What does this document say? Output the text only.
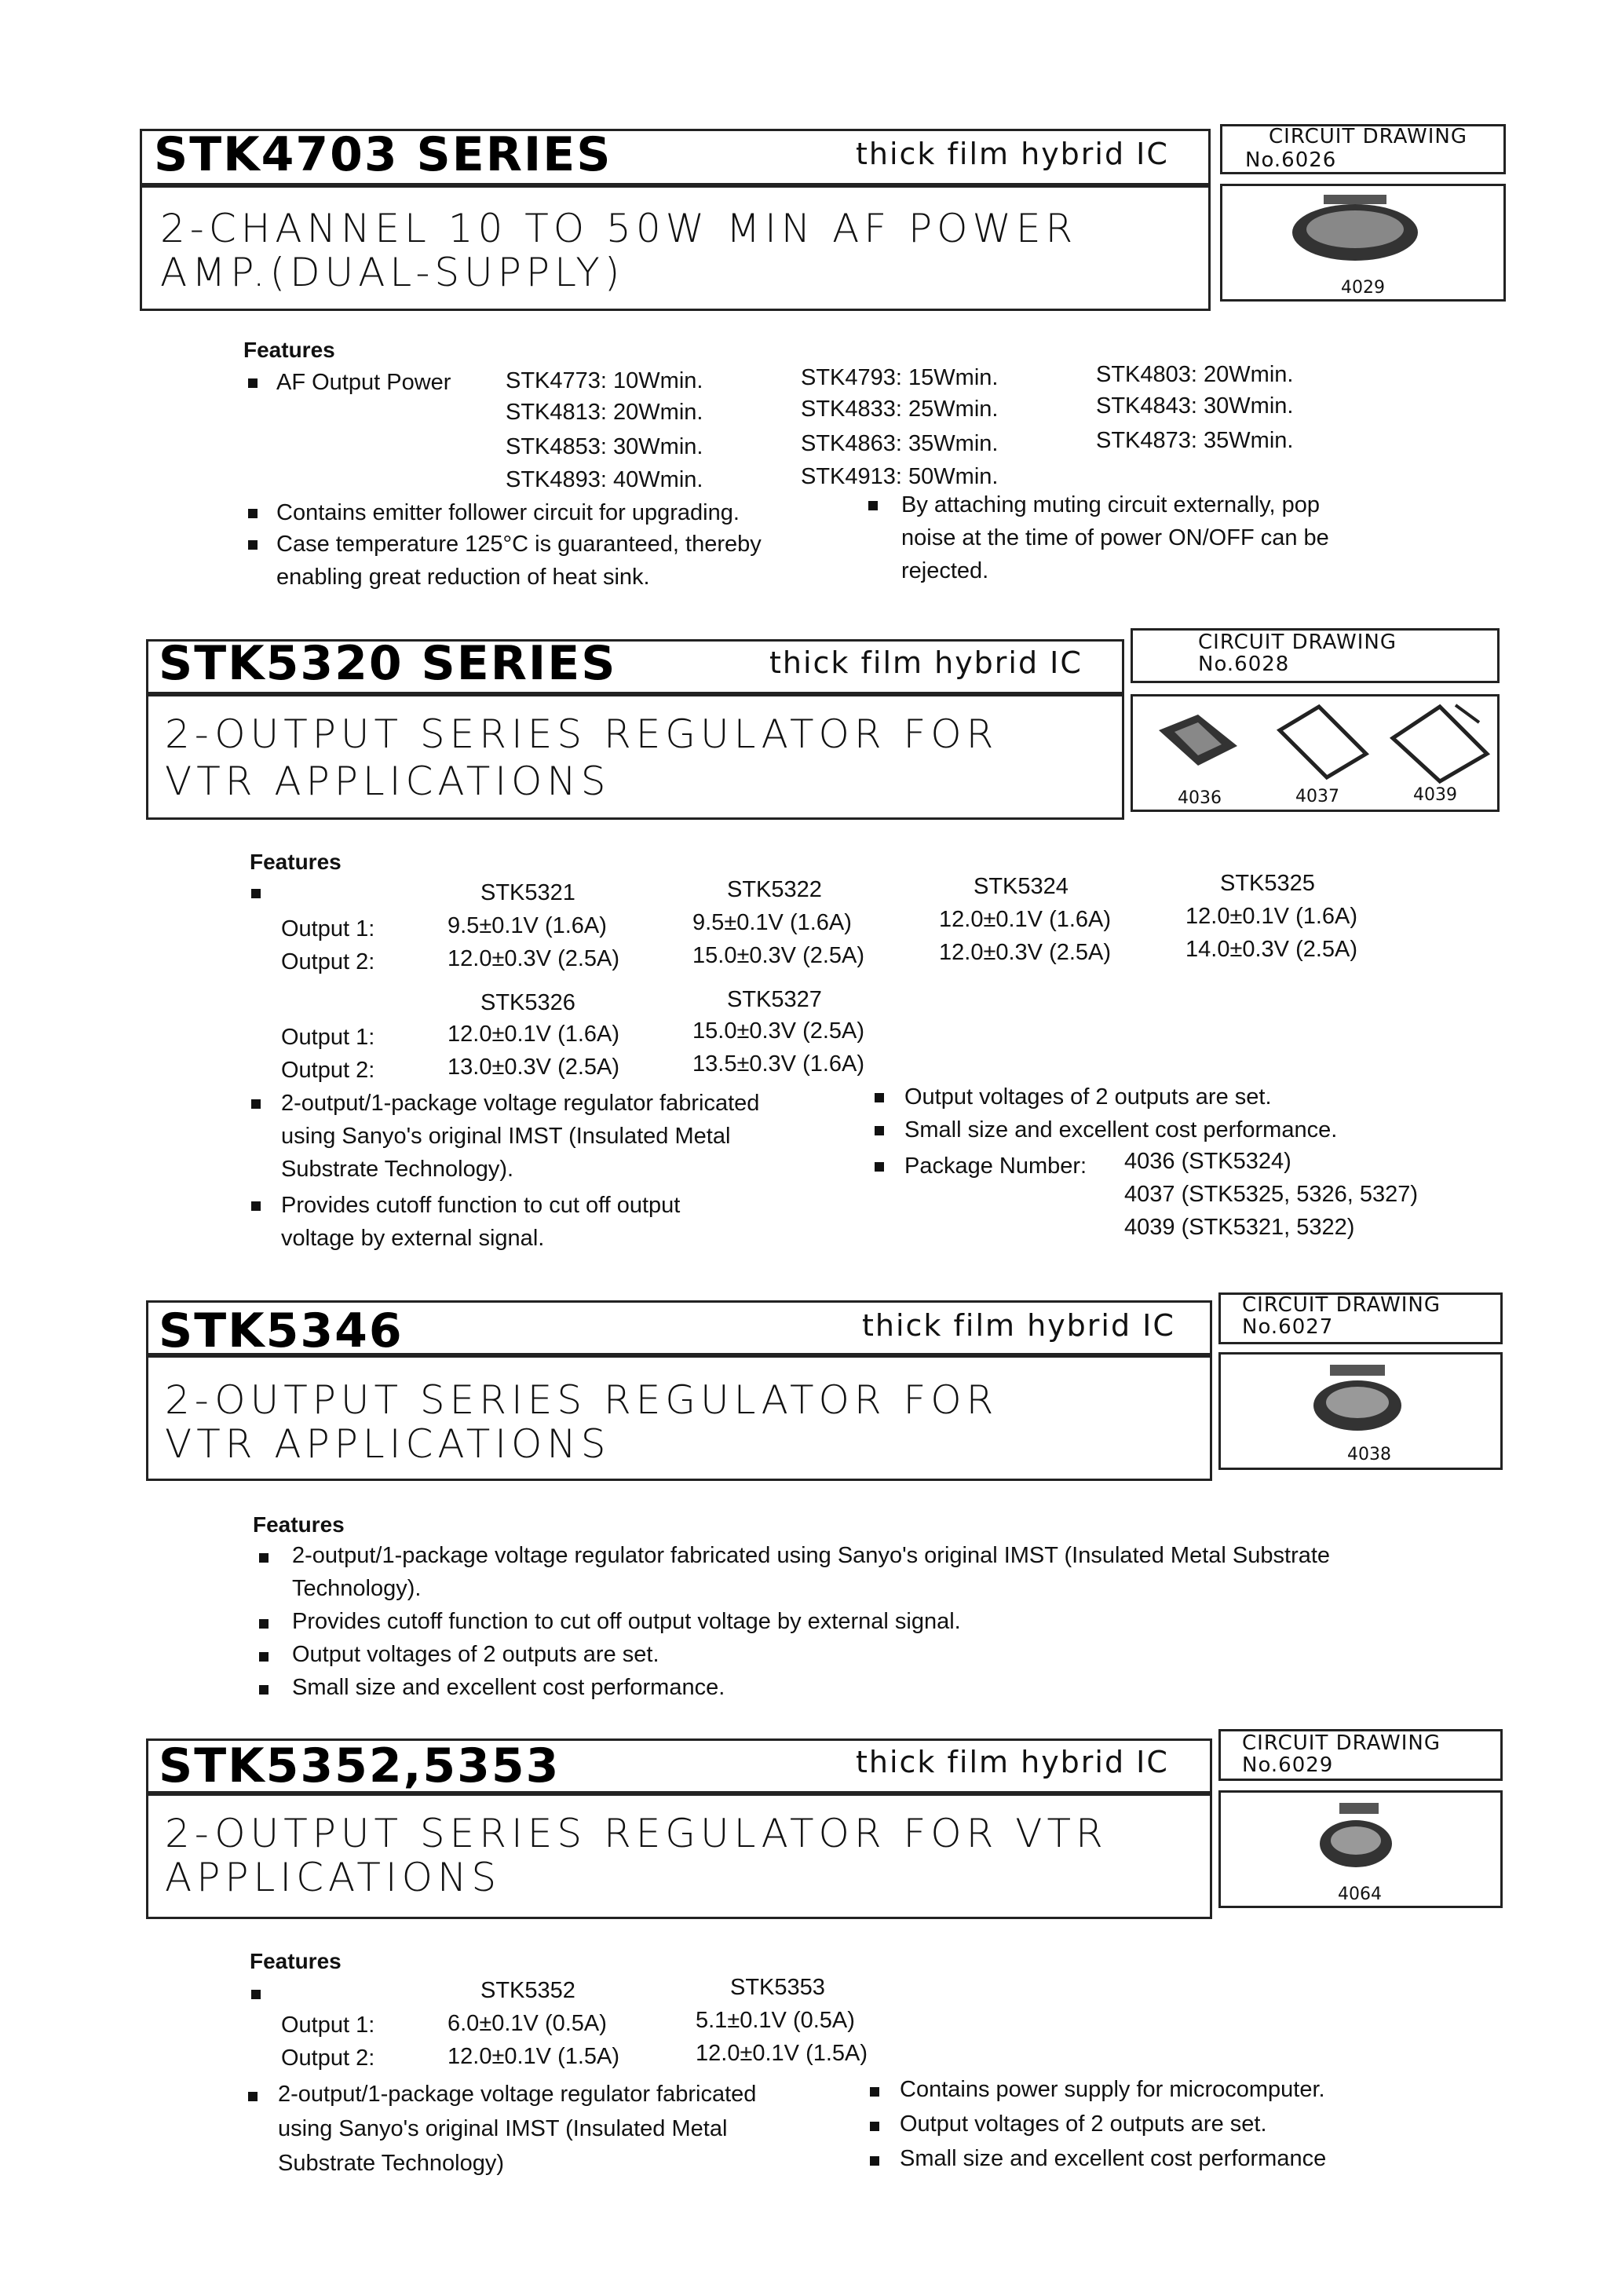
STK4703 SERIES	thick film hybrid IC	CIRCUIT DRAWING
No.6026
2-CHANNEL 10 TO 50W MIN AF POWER
AMP.(DUAL-SUPPLY)	4029
Features
AF Output Power STK4773: 10Wmin.	STK4793: 15Wmin.	STK4803: 20Wmin.
STK4813: 20Wmin.	STK4833: 25Wmin.	STK4843: 30Wmin.
STK4853: 30Wmin.	STK4863: 35Wmin.	STK4873: 35Wmin.
STK4893: 40Wmin.	STK4913: 50Wmin.
Contains emitter follower circuit for upgrading.
Case temperature 125°C is guaranteed, thereby
enabling great reduction of heat sink.
By attaching muting circuit externally, pop
noise at the time of power ON/OFF can be
rejected.
STK5320 SERIES	thick film hybrid IC
CIRCUIT DRAWING
No.6028
2-OUTPUT SERIES REGULATOR FOR
VTR APPLICATIONS	4036	4037	4039
Features
STK5321	STK5322	STK5324	STK5325
Output 1:	9.5±0.1V (1.6A)	9.5±0.1V (1.6A)	12.0±0.1V (1.6A)	12.0±0.1V (1.6A)
Output 2:	12.0±0.3V (2.5A)	15.0±0.3V (2.5A)	12.0±0.3V (2.5A)	14.0±0.3V (2.5A)
STK5326	STK5327
Output 1:	12.0±0.1V (1.6A)	15.0±0.3V (2.5A)
Output 2:	13.0±0.3V (2.5A)	13.5±0.3V (1.6A)
2-output/1-package voltage regulator fabricated
using Sanyo's original IMST (Insulated Metal
Substrate Technology).
Provides cutoff function to cut off output
voltage by external signal.
Output voltages of 2 outputs are set.
Small size and excellent cost performance.
Package Number: 4036 (STK5324)
4037 (STK5325, 5326, 5327)
4039 (STK5321, 5322)
STK5346	thick film hybrid IC
CIRCUIT DRAWING
No.6027
2-OUTPUT SERIES REGULATOR FOR
VTR APPLICATIONS	4038
Features
2-output/1-package voltage regulator fabricated using Sanyo's original IMST (Insulated Metal Substrate
Technology).
Provides cutoff function to cut off output voltage by external signal.
Output voltages of 2 outputs are set.
Small size and excellent cost performance.
STK5352,5353	thick film hybrid IC
CIRCUIT DRAWING
No.6029
2-OUTPUT SERIES REGULATOR FOR VTR
APPLICATIONS	4064
Features
STK5352	STK5353
Output 1:	6.0±0.1V (0.5A)	5.1±0.1V (0.5A)
Output 2:	12.0±0.1V (1.5A)	12.0±0.1V (1.5A)
2-output/1-package voltage regulator fabricated
using Sanyo's original IMST (Insulated Metal
Substrate Technology)
Contains power supply for microcomputer.
Output voltages of 2 outputs are set.
Small size and excellent cost performance
